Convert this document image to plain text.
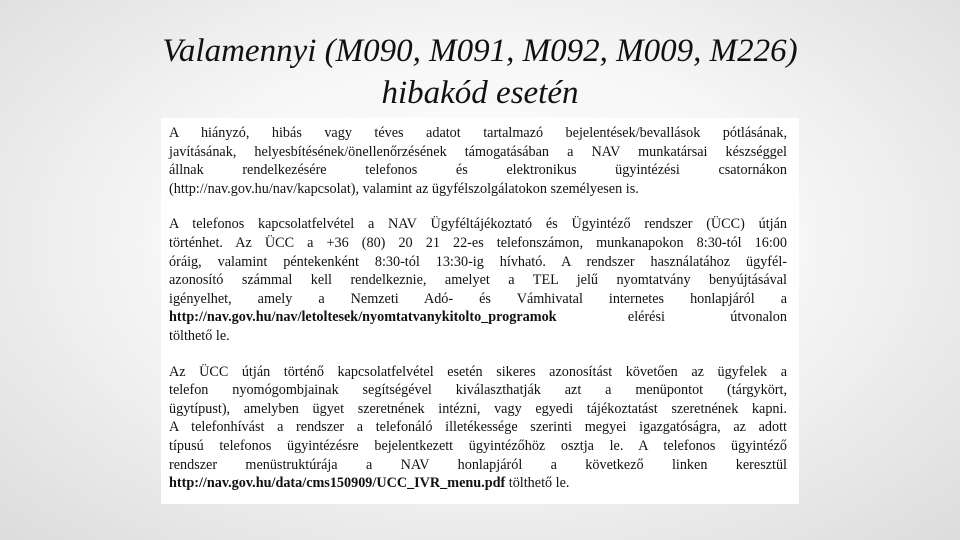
Valamennyi (M090, M091, M092, M009, M226)
hibakód esetén
A hiányzó, hibás vagy téves adatot tartalmazó bejelentések/bevallások pótlásának,
javításának, helyesbítésének/önellenőrzésének támogatásában a NAV munkatársai készséggel
állnak rendelkezésére telefonos és elektronikus ügyintézési csatornákon
(http://nav.gov.hu/nav/kapcsolat), valamint az ügyfélszolgálatokon személyesen is.
A telefonos kapcsolatfelvétel a NAV Ügyféltájékoztató és Ügyintéző rendszer (ÜCC) útján
történhet. Az ÜCC a +36 (80) 20 21 22-es telefonszámon, munkanapokon 8:30-tól 16:00
óráig, valamint péntekenként 8:30-tól 13:30-ig hívható. A rendszer használatához ügyfél-
azonosító számmal kell rendelkeznie, amelyet a TEL jelű nyomtatvány benyújtásával
igényelhet, amely a Nemzeti Adó- és Vámhivatal internetes honlapjáról a
http://nav.gov.hu/nav/letoltesek/nyomtatvanykitolto_programok	elérési útvonalon
tölthető le.
Az ÜCC útján történő kapcsolatfelvétel esetén sikeres azonosítást követően az ügyfelek a
telefon nyomógombjainak segítségével kiválaszthatják azt a menüpontot (tárgykört,
ügytípust), amelyben ügyet szeretnének intézni, vagy egyedi tájékoztatást szeretnének kapni.
A telefonhívást a rendszer a telefonáló illetékessége szerinti megyei igazgatóságra, az adott
típusú telefonos ügyintézésre bejelentkezett ügyintézőhöz osztja le. A telefonos ügyintéző
rendszer menüstruktúrája a NAV honlapjáról a következő linken keresztül
http://nav.gov.hu/data/cms150909/UCC_IVR_menu.pdf tölthető le.
